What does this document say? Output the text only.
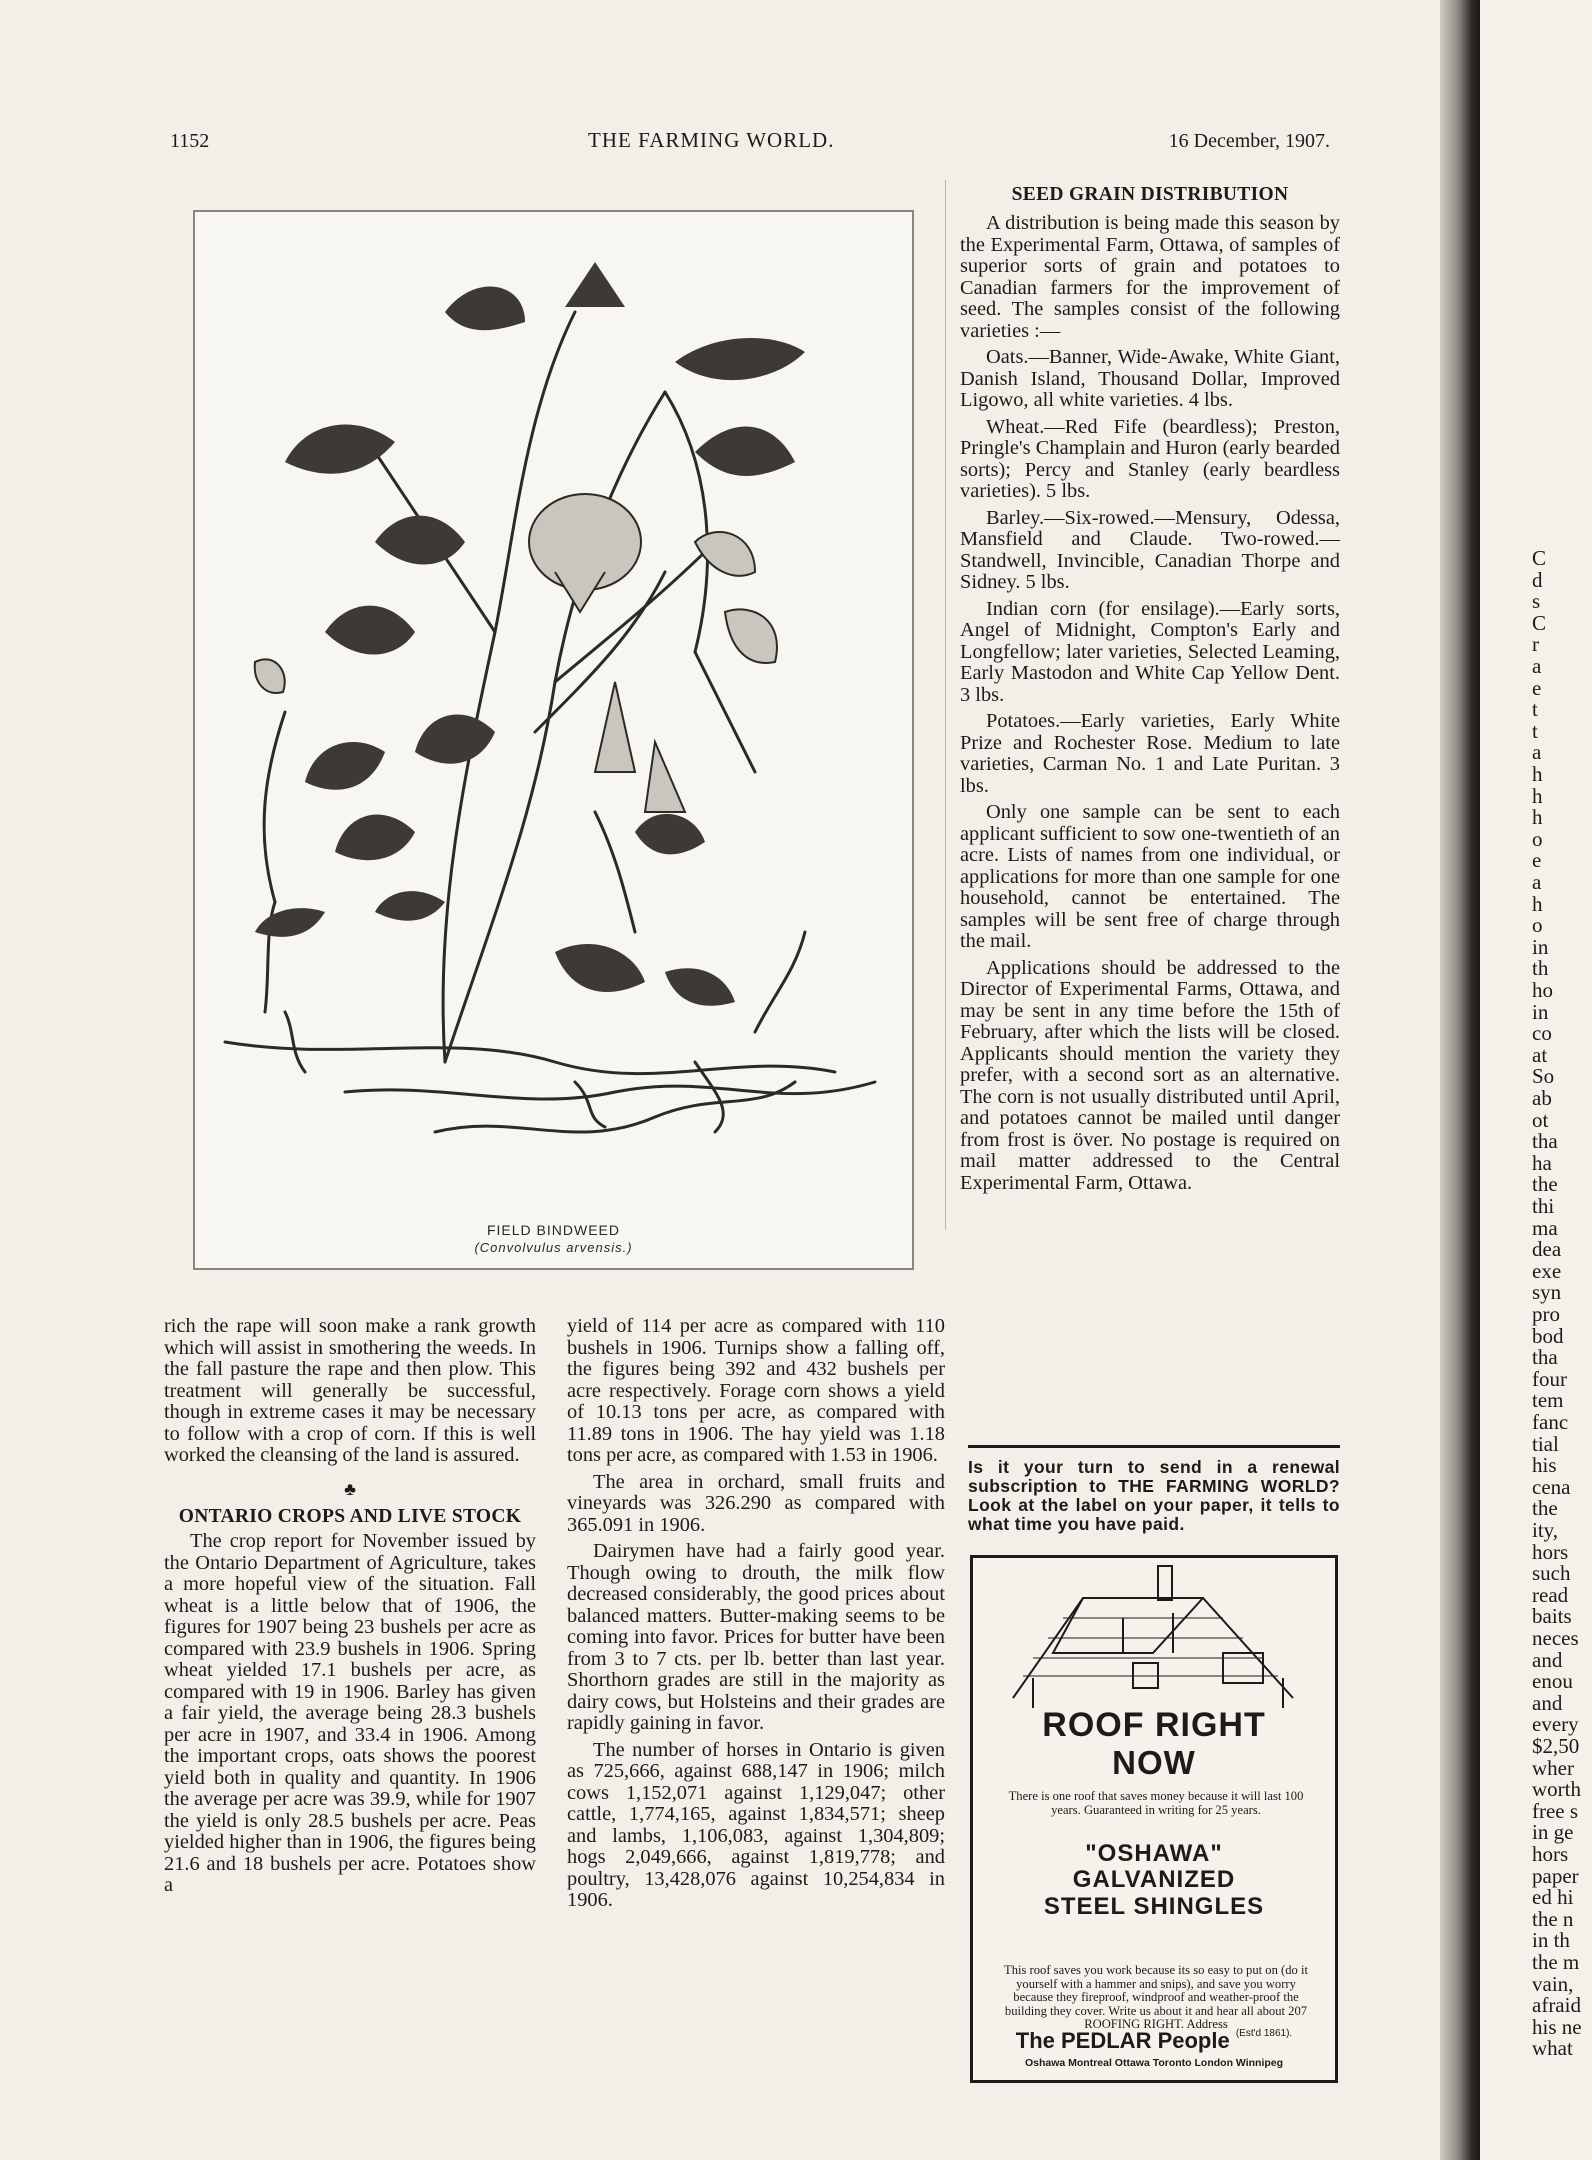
1152	THE FARMING WORLD.	16 December, 1907.
FIELD BINDWEED
(Convolvulus arvensis.)

rich the rape will soon make a rank growth which will assist in smothering the weeds. In the fall pasture the rape and then plow. This treatment will generally be successful, though in extreme cases it may be necessary to follow with a crop of corn. If this is well worked the cleansing of the land is assured.

♣
ONTARIO CROPS AND LIVE STOCK

The crop report for November issued by the Ontario Department of Agriculture, takes a more hopeful view of the situation. Fall wheat is a little below that of 1906, the figures for 1907 being 23 bushels per acre as compared with 23.9 bushels in 1906. Spring wheat yielded 17.1 bushels per acre, as compared with 19 in 1906. Barley has given a fair yield, the average being 28.3 bushels per acre in 1907, and 33.4 in 1906. Among the important crops, oats shows the poorest yield both in quality and quantity. In 1906 the average per acre was 39.9, while for 1907 the yield is only 28.5 bushels per acre. Peas yielded higher than in 1906, the figures being 21.6 and 18 bushels per acre. Potatoes show a

yield of 114 per acre as compared with 110 bushels in 1906. Turnips show a falling off, the figures being 392 and 432 bushels per acre respectively. Forage corn shows a yield of 10.13 tons per acre, as compared with 11.89 tons in 1906. The hay yield was 1.18 tons per acre, as compared with 1.53 in 1906.

The area in orchard, small fruits and vineyards was 326.290 as compared with 365.091 in 1906.

Dairymen have had a fairly good year. Though owing to drouth, the milk flow decreased considerably, the good prices about balanced matters. Butter-making seems to be coming into favor. Prices for butter have been from 3 to 7 cts. per lb. better than last year. Shorthorn grades are still in the majority as dairy cows, but Holsteins and their grades are rapidly gaining in favor.

The number of horses in Ontario is given as 725,666, against 688,147 in 1906; milch cows 1,152,071 against 1,129,047; other cattle, 1,774,165, against 1,834,571; sheep and lambs, 1,106,083, against 1,304,809; hogs 2,049,666, against 1,819,778; and poultry, 13,428,076 against 10,254,834 in 1906.

SEED GRAIN DISTRIBUTION

A distribution is being made this season by the Experimental Farm, Ottawa, of samples of superior sorts of grain and potatoes to Canadian farmers for the improvement of seed. The samples consist of the following varieties :—

Oats.—Banner, Wide-Awake, White Giant, Danish Island, Thousand Dollar, Improved Ligowo, all white varieties. 4 lbs.

Wheat.—Red Fife (beardless); Preston, Pringle's Champlain and Huron (early bearded sorts); Percy and Stanley (early beardless varieties). 5 lbs.

Barley.—Six-rowed.—Mensury, Odessa, Mansfield and Claude. Two-rowed.—Standwell, Invincible, Canadian Thorpe and Sidney. 5 lbs.

Indian corn (for ensilage).—Early sorts, Angel of Midnight, Compton's Early and Longfellow; later varieties, Selected Leaming, Early Mastodon and White Cap Yellow Dent. 3 lbs.

Potatoes.—Early varieties, Early White Prize and Rochester Rose. Medium to late varieties, Carman No. 1 and Late Puritan. 3 lbs.

Only one sample can be sent to each applicant sufficient to sow one-twentieth of an acre. Lists of names from one individual, or applications for more than one sample for one household, cannot be entertained. The samples will be sent free of charge through the mail.

Applications should be addressed to the Director of Experimental Farms, Ottawa, and may be sent in any time before the 15th of February, after which the lists will be closed. Applicants should mention the variety they prefer, with a second sort as an alternative. The corn is not usually distributed until April, and potatoes cannot be mailed until danger from frost is över. No postage is required on mail matter addressed to the Central Experimental Farm, Ottawa.

Is it your turn to send in a renewal subscription to THE FARMING WORLD? Look at the label on your paper, it tells to what time you have paid.
ROOF RIGHT
NOW
There is one roof that saves money because it will last 100 years. Guaranteed in writing for 25 years.
"OSHAWA"
GALVANIZED
STEEL SHINGLES
This roof saves you work because its so easy to put on (do it yourself with a hammer and snips), and save you worry because they fireproof, windproof and weather-proof the building they cover. Write us about it and hear all about 207 ROOFING RIGHT. Address
The PEDLAR People $^{(Est'd 1861).}$
Oshawa Montreal Ottawa Toronto London Winnipeg
C
d
s
C
r
a
e
t
t
a
h
h
h
o
e
a
h
o
in
th
ho
in
co
at
So
ab
ot
tha
ha
the
thi
ma
dea
exe
syn
pro
bod
tha
four
tem
fanc
tial
his
cena
the
ity,
hors
such
read
baits
neces
and
enou
and
every
$2,50
wher
worth
free s
in ge
hors
paper
ed hi
the n
in th
the m
vain,
afraid
his ne
what
